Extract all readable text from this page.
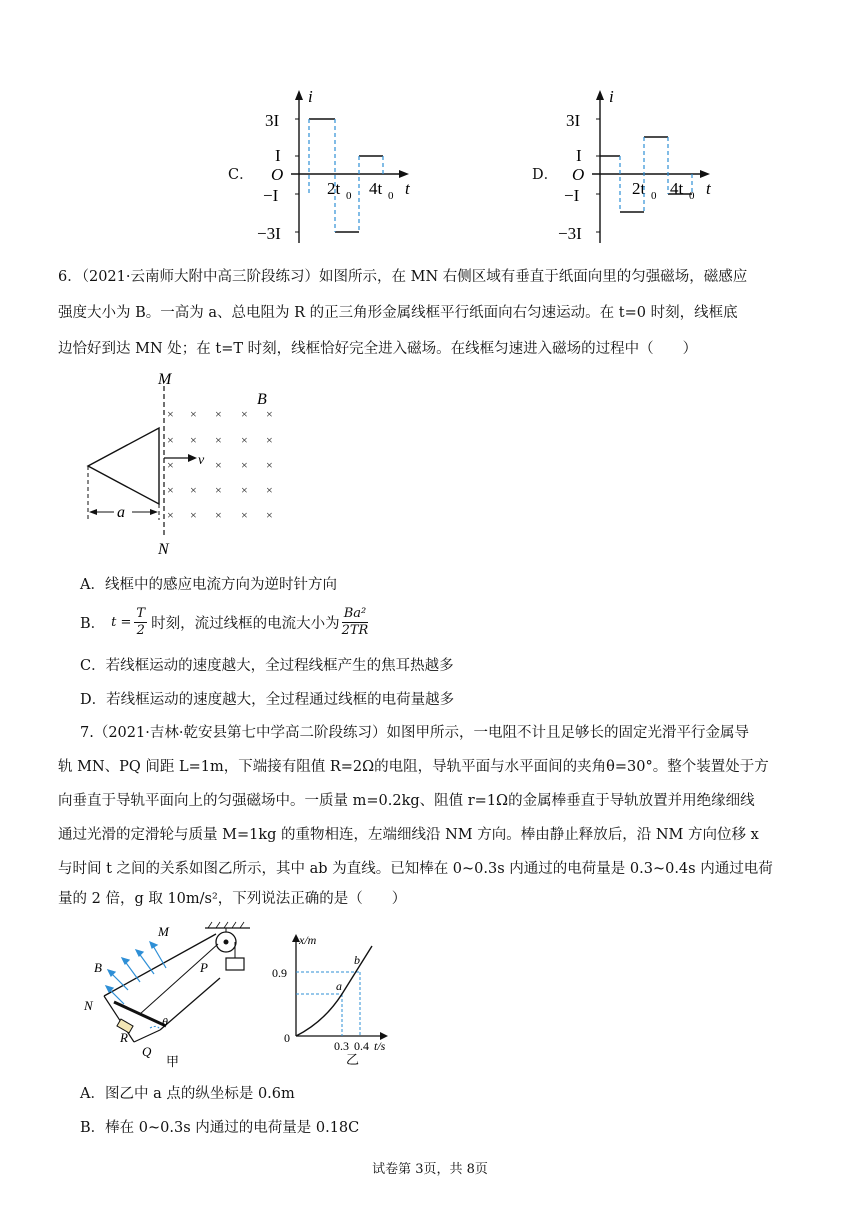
C．
i
t
O
3I
I
−I
−3I
2t 0 4t 0
D．
i
t
O
3I
I
−I
−3I
2t 0 4t 0
6．（2021·云南师大附中高三阶段练习）如图所示，在 MN 右侧区域有垂直于纸面向里的匀强磁场，磁感应
强度大小为 B。一高为 a、总电阻为 R 的正三角形金属线框平行纸面向右匀速运动。在 t=0 时刻，线框底
边恰好到达 MN 处；在 t=T 时刻，线框恰好完全进入磁场。在线框匀速进入磁场的过程中（　　）
M
N
B
v
a
× × × × ×
× × × × ×
×	× × ×
× × × × ×
× × × × ×
A．线框中的感应电流方向为逆时针方向
B． $t = \frac{T}{2}$ 时刻，流过线框的电流大小为 $\frac{\text{Ba²}}{2TR}$
C．若线框运动的速度越大，全过程线框产生的焦耳热越多
D．若线框运动的速度越大，全过程通过线框的电荷量越多
7.（2021·吉林·乾安县第七中学高二阶段练习）如图甲所示，一电阻不计且足够长的固定光滑平行金属导
轨 MN、PQ 间距 L=1m，下端接有阻值 R=2Ω的电阻，导轨平面与水平面间的夹角θ=30°。整个装置处于方
向垂直于导轨平面向上的匀强磁场中。一质量 m=0.2kg、阻值 r=1Ω的金属棒垂直于导轨放置并用绝缘细线
通过光滑的定滑轮与质量 M=1kg 的重物相连，左端细线沿 NM 方向。棒由静止释放后，沿 NM 方向位移 x
与时间 t 之间的关系如图乙所示，其中 ab 为直线。已知棒在 0~0.3s 内通过的电荷量是 0.3~0.4s 内通过电荷
量的 2 倍，g 取 10m/s²，下列说法正确的是（　　）
M
B
N
R
Q
P
θ
甲
x/m
0.9
0
0.3 0.4 t/s
a
b
乙
A．图乙中 a 点的纵坐标是 0.6m
B．棒在 0~0.3s 内通过的电荷量是 0.18C
试卷第 3页，共 8页
